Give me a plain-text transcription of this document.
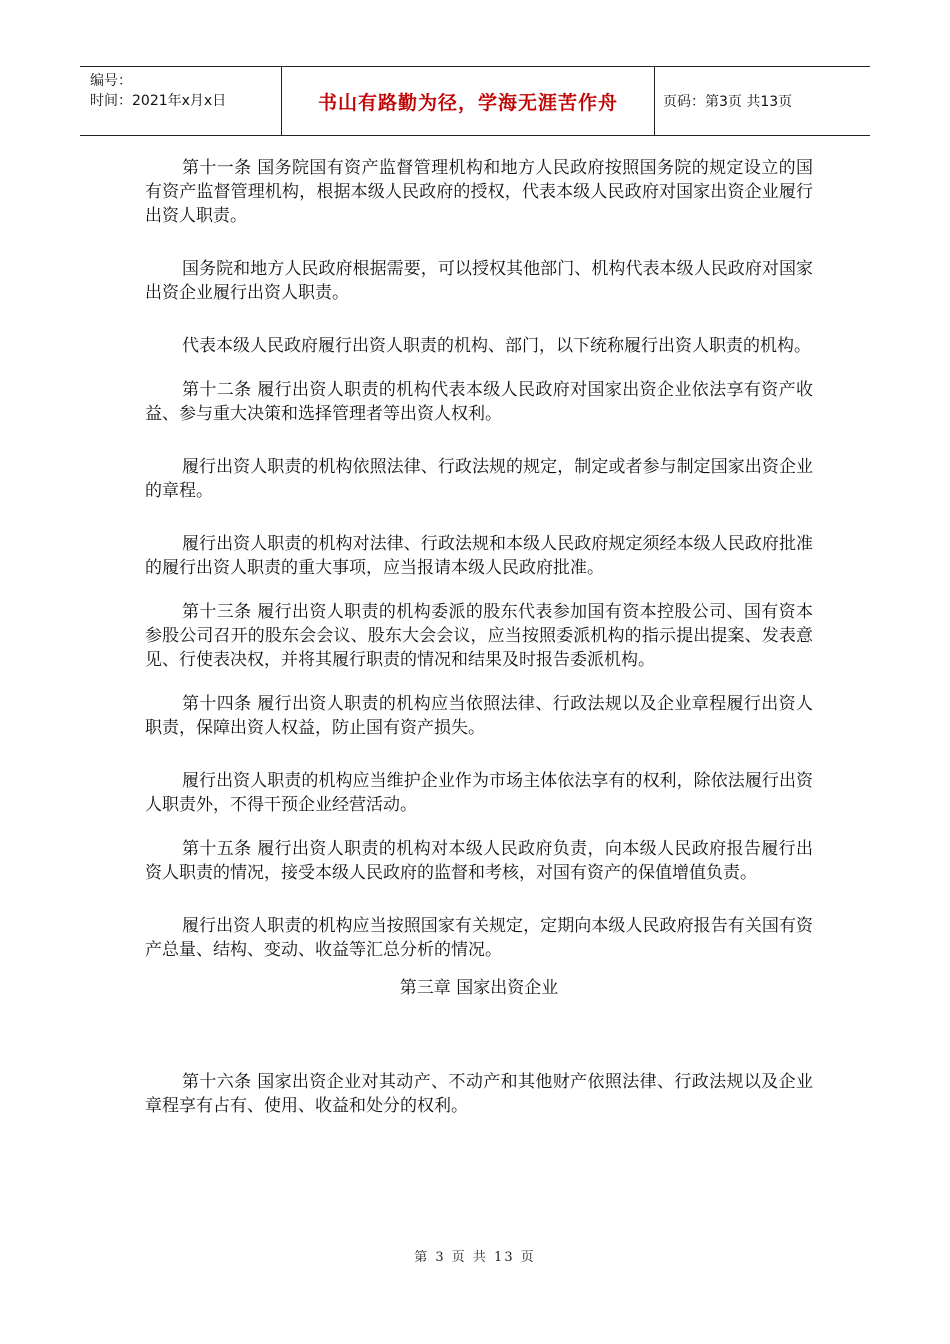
编号：
时间：2021年x月x日	书山有路勤为径，学海无涯苦作舟	页码：第3页 共13页

第十一条 国务院国有资产监督管理机构和地方人民政府按照国务院的规定设立的国有资产监督管理机构，根据本级人民政府的授权，代表本级人民政府对国家出资企业履行出资人职责。

国务院和地方人民政府根据需要，可以授权其他部门、机构代表本级人民政府对国家出资企业履行出资人职责。

代表本级人民政府履行出资人职责的机构、部门，以下统称履行出资人职责的机构。

第十二条 履行出资人职责的机构代表本级人民政府对国家出资企业依法享有资产收益、参与重大决策和选择管理者等出资人权利。

履行出资人职责的机构依照法律、行政法规的规定，制定或者参与制定国家出资企业的章程。

履行出资人职责的机构对法律、行政法规和本级人民政府规定须经本级人民政府批准的履行出资人职责的重大事项，应当报请本级人民政府批准。

第十三条 履行出资人职责的机构委派的股东代表参加国有资本控股公司、国有资本参股公司召开的股东会会议、股东大会会议，应当按照委派机构的指示提出提案、发表意见、行使表决权，并将其履行职责的情况和结果及时报告委派机构。

第十四条 履行出资人职责的机构应当依照法律、行政法规以及企业章程履行出资人职责，保障出资人权益，防止国有资产损失。

履行出资人职责的机构应当维护企业作为市场主体依法享有的权利，除依法履行出资人职责外，不得干预企业经营活动。

第十五条 履行出资人职责的机构对本级人民政府负责，向本级人民政府报告履行出资人职责的情况，接受本级人民政府的监督和考核，对国有资产的保值增值负责。

履行出资人职责的机构应当按照国家有关规定，定期向本级人民政府报告有关国有资产总量、结构、变动、收益等汇总分析的情况。

第三章 国家出资企业

第十六条 国家出资企业对其动产、不动产和其他财产依照法律、行政法规以及企业章程享有占有、使用、收益和处分的权利。

第 3 页 共 13 页
